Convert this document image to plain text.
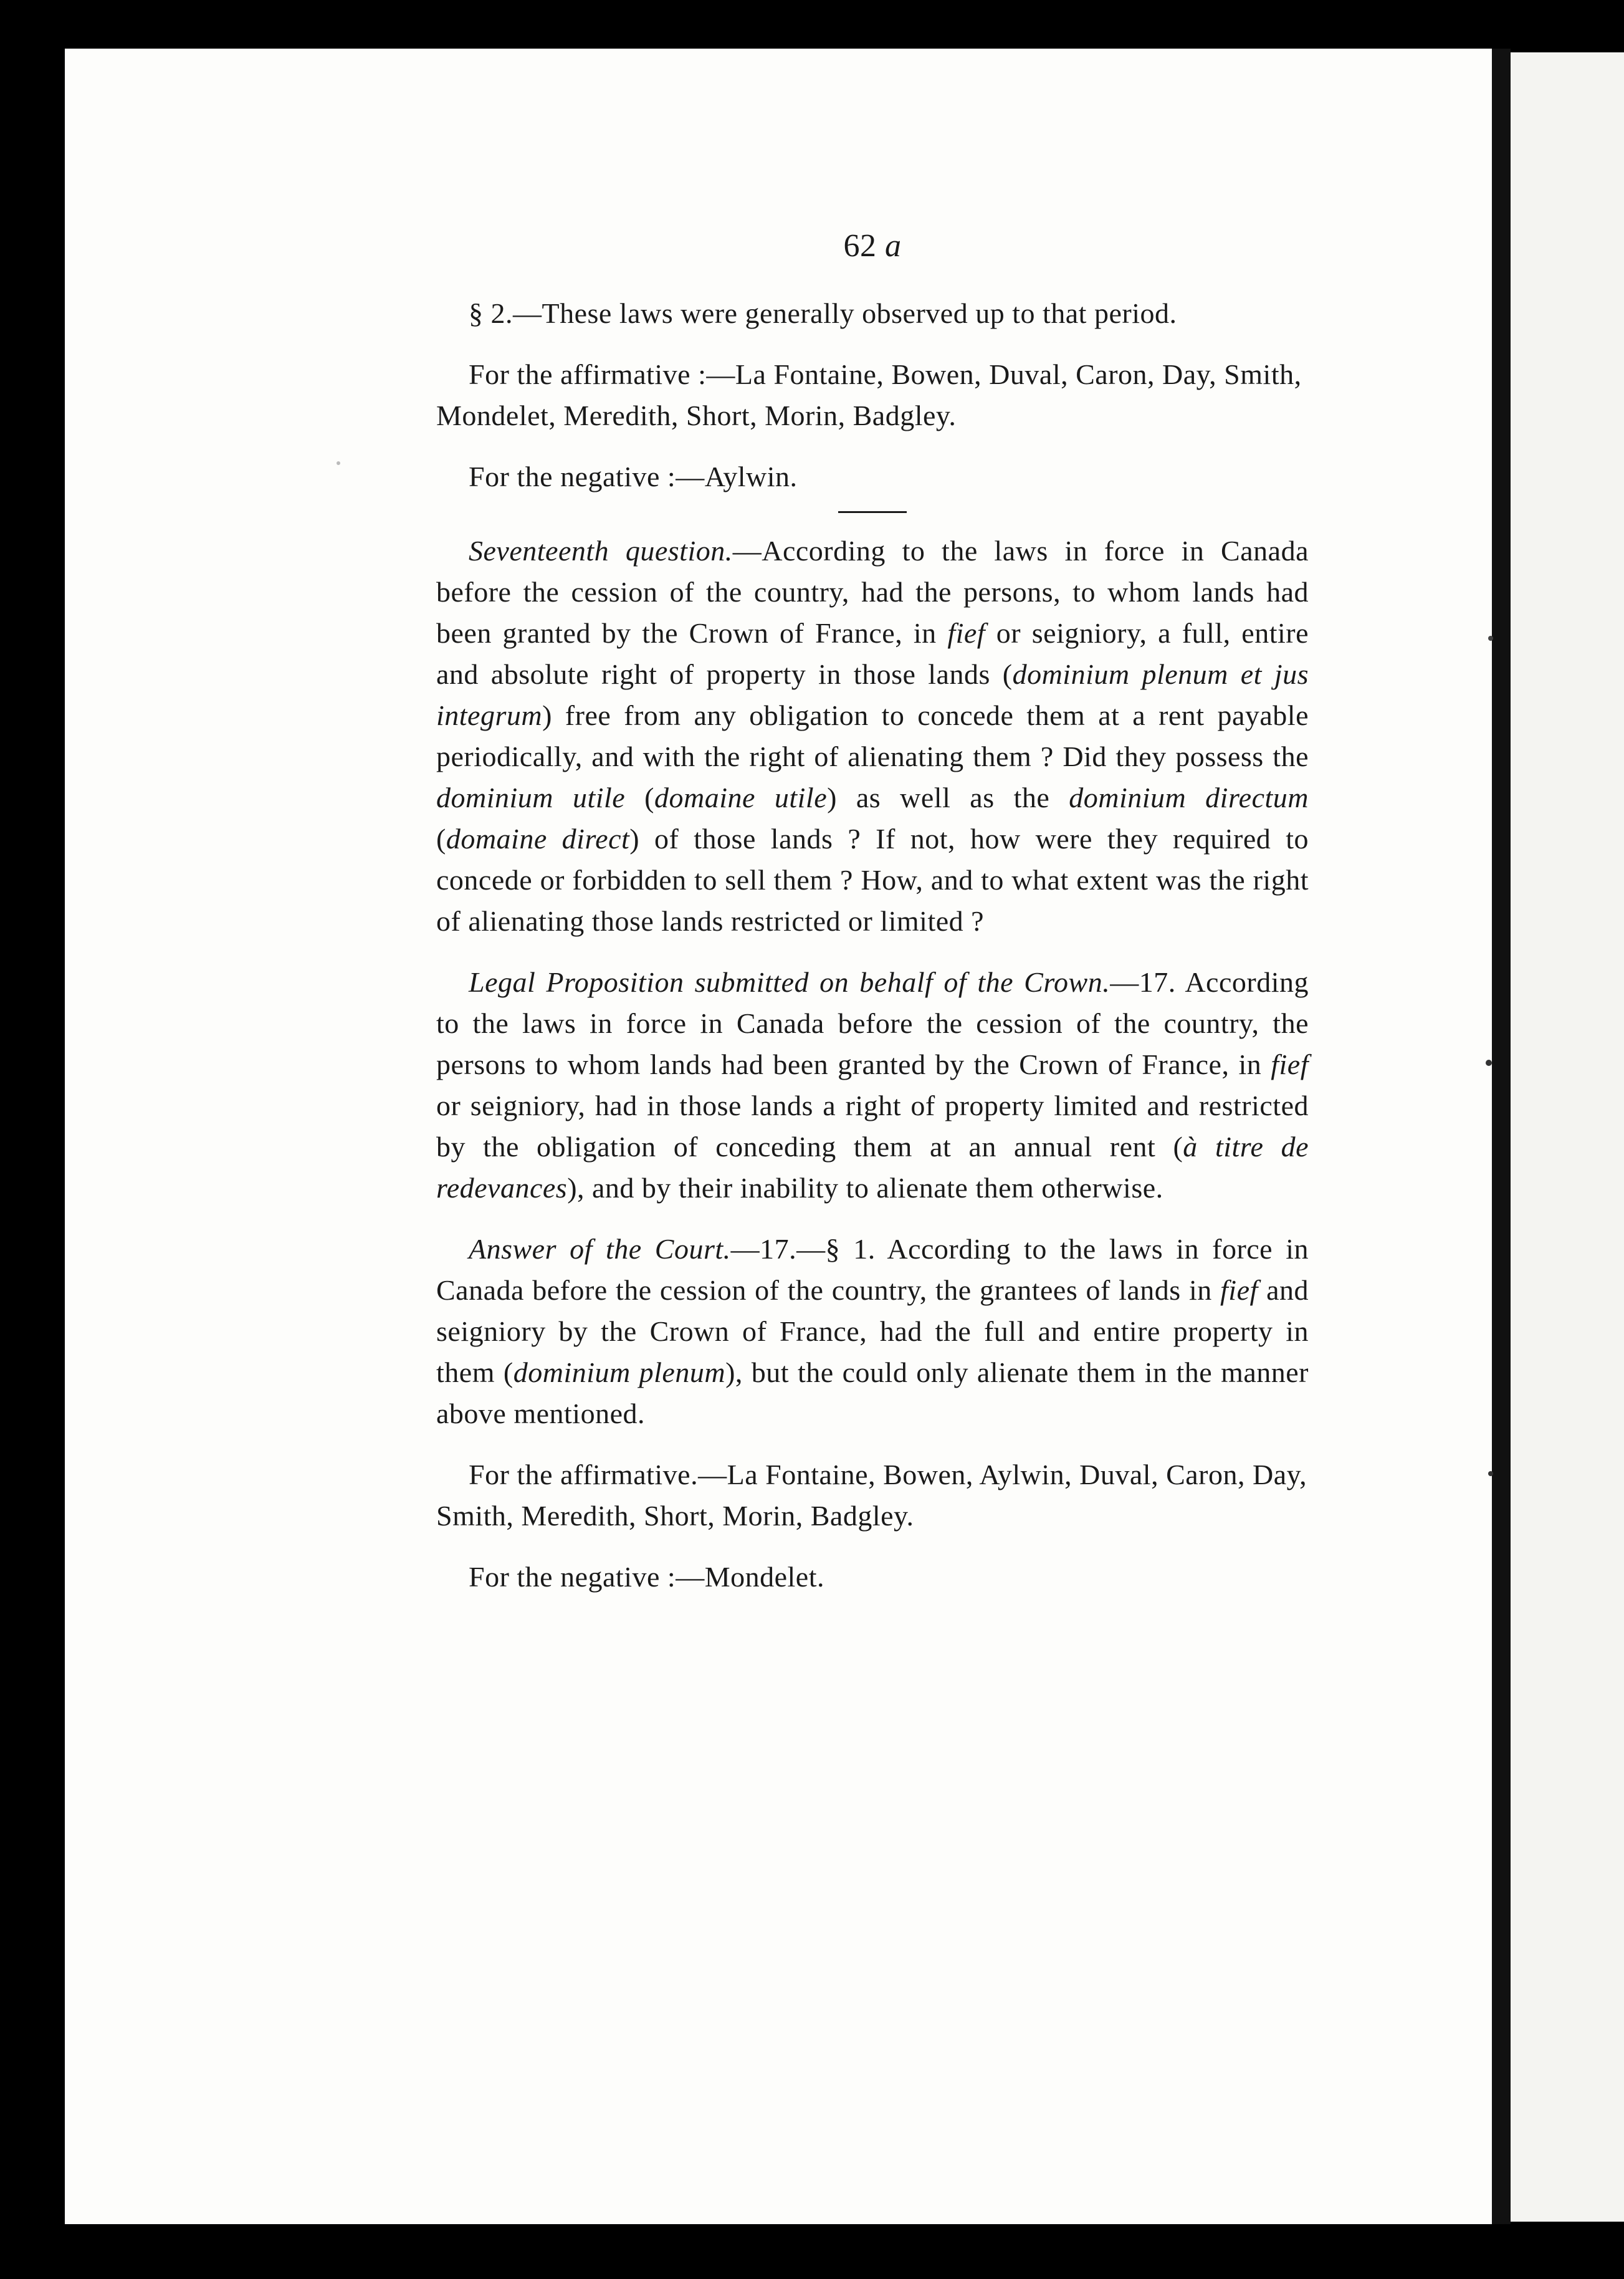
62 a

§ 2.—These laws were generally observed up to that period.

For the affirmative :—La Fontaine, Bowen, Duval, Caron, Day, Smith, Mondelet, Meredith, Short, Morin, Badgley.

For the negative :—Aylwin.

Seventeenth question.—According to the laws in force in Canada before the cession of the country, had the persons, to whom lands had been granted by the Crown of France, in fief or seigniory, a full, entire and absolute right of property in those lands (dominium plenum et jus integrum) free from any obligation to concede them at a rent payable periodically, and with the right of alienating them ? Did they possess the dominium utile (domaine utile) as well as the dominium directum (domaine direct) of those lands ? If not, how were they required to concede or forbidden to sell them ? How, and to what extent was the right of alienating those lands restricted or limited ?

Legal Proposition submitted on behalf of the Crown.—17. According to the laws in force in Canada before the cession of the country, the persons to whom lands had been granted by the Crown of France, in fief or seigniory, had in those lands a right of property limited and restricted by the obligation of conceding them at an annual rent (à titre de redevances), and by their inability to alienate them otherwise.

Answer of the Court.—17.—§ 1. According to the laws in force in Canada before the cession of the country, the grantees of lands in fief and seigniory by the Crown of France, had the full and entire property in them (dominium plenum), but the could only alienate them in the manner above mentioned.

For the affirmative.—La Fontaine, Bowen, Aylwin, Duval, Caron, Day, Smith, Meredith, Short, Morin, Badgley.

For the negative :—Mondelet.
